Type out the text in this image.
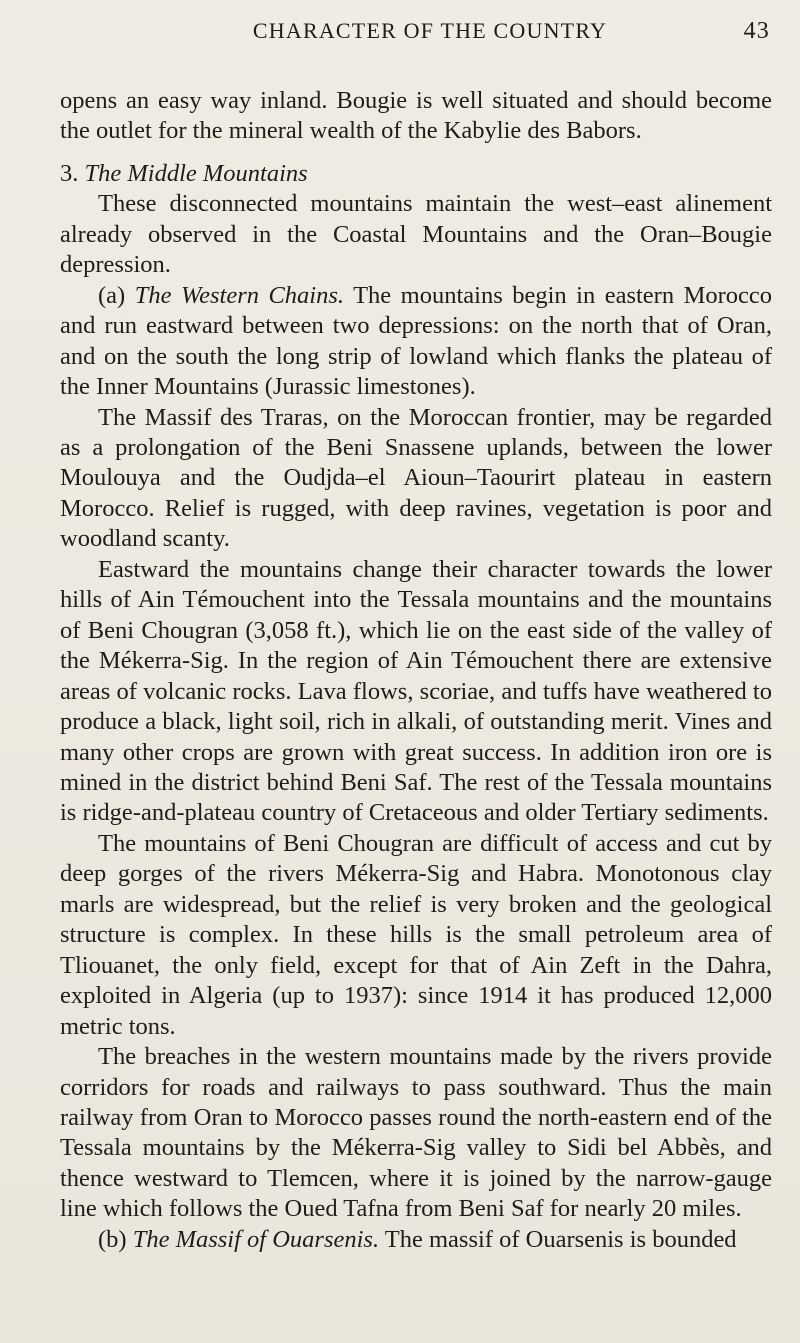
CHARACTER OF THE COUNTRY	43

opens an easy way inland. Bougie is well situated and should become the outlet for the mineral wealth of the Kabylie des Babors.

3. The Middle Mountains

These disconnected mountains maintain the west–east alinement already observed in the Coastal Mountains and the Oran–Bougie depression.

(a) The Western Chains. The mountains begin in eastern Morocco and run eastward between two depressions: on the north that of Oran, and on the south the long strip of lowland which flanks the plateau of the Inner Mountains (Jurassic limestones).

The Massif des Traras, on the Moroccan frontier, may be regarded as a prolongation of the Beni Snassene uplands, between the lower Moulouya and the Oudjda–el Aioun–Taourirt plateau in eastern Morocco. Relief is rugged, with deep ravines, vegetation is poor and woodland scanty.

Eastward the mountains change their character towards the lower hills of Ain Témouchent into the Tessala mountains and the mountains of Beni Chougran (3,058 ft.), which lie on the east side of the valley of the Mékerra-Sig. In the region of Ain Témouchent there are extensive areas of volcanic rocks. Lava flows, scoriae, and tuffs have weathered to produce a black, light soil, rich in alkali, of outstanding merit. Vines and many other crops are grown with great success. In addition iron ore is mined in the district behind Beni Saf. The rest of the Tessala mountains is ridge-and-plateau country of Cretaceous and older Tertiary sediments.

The mountains of Beni Chougran are difficult of access and cut by deep gorges of the rivers Mékerra-Sig and Habra. Monotonous clay marls are widespread, but the relief is very broken and the geological structure is complex. In these hills is the small petroleum area of Tliouanet, the only field, except for that of Ain Zeft in the Dahra, exploited in Algeria (up to 1937): since 1914 it has produced 12,000 metric tons.

The breaches in the western mountains made by the rivers provide corridors for roads and railways to pass southward. Thus the main railway from Oran to Morocco passes round the north-eastern end of the Tessala mountains by the Mékerra-Sig valley to Sidi bel Abbès, and thence westward to Tlemcen, where it is joined by the narrow-gauge line which follows the Oued Tafna from Beni Saf for nearly 20 miles.

(b) The Massif of Ouarsenis. The massif of Ouarsenis is bounded
